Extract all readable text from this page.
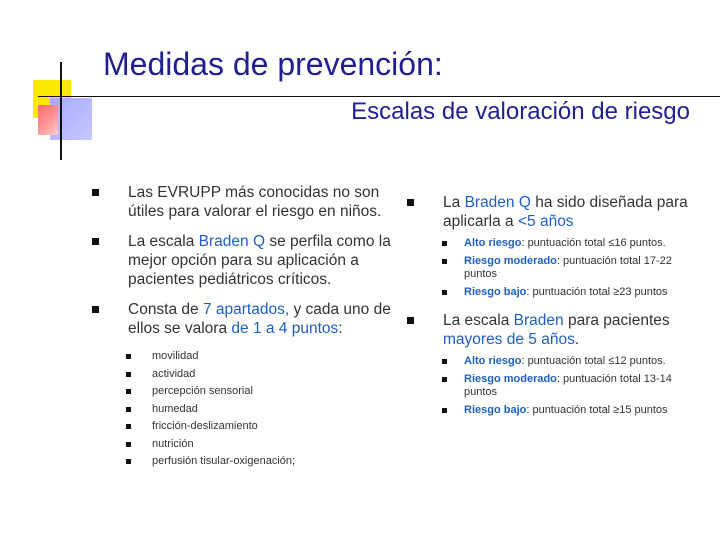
Medidas de prevención:
Escalas de valoración de riesgo
Las EVRUPP más conocidas no son útiles para valorar el riesgo en niños.
La escala Braden Q se perfila como la mejor opción para su aplicación a pacientes pediátricos críticos.
Consta de 7 apartados, y cada uno de ellos se valora de 1 a 4 puntos:
movilidad
actividad
percepción sensorial
humedad
fricción-deslizamiento
nutrición
perfusión tisular-oxigenación;
La Braden Q ha sido diseñada para aplicarla a <5 años
Alto riesgo: puntuación total ≤16 puntos.
Riesgo moderado: puntuación total 17-22 puntos
Riesgo bajo: puntuación total ≥23 puntos
La escala Braden para pacientes mayores de 5 años.
Alto riesgo: puntuación total ≤12 puntos.
Riesgo moderado: puntuación total 13-14 puntos
Riesgo bajo: puntuación total ≥15 puntos
